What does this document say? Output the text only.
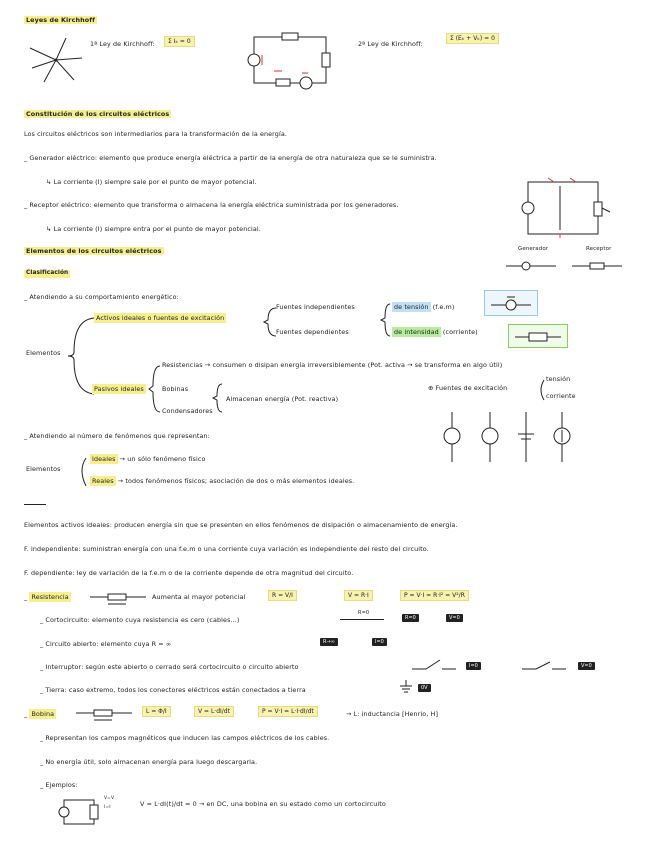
Leyes de Kirchhoff
1ª Ley de Kirchhoff:	Σ Iₖ = 0	2ª Ley de Kirchhoff:
Σ (Eₖ + Vₖ) = 0
Constitución de los circuitos eléctricos
Los circuitos eléctricos son intermediarios para la transformación de la energía.
_ Generador eléctrico: elemento que produce energía eléctrica a partir de la energía de otra naturaleza que se le suministra.
↳ La corriente (I) siempre sale por el punto de mayor potencial.
_ Receptor eléctrico: elemento que transforma o almacena la energía eléctrica suministrada por los generadores.
↳ La corriente (I) siempre entra por el punto de mayor potencial.
Generador	Receptor
Elementos de los circuitos eléctricos
Clasificación
_ Atendiendo a su comportamiento energético:
Elementos
Activos ideales o fuentes de excitación
Fuentes independientes
Fuentes dependientes
de tensión (f.e.m)
de intensidad (corriente)
Pasivos ideales
Resistencias → consumen o disipan energía irreversiblemente (Pot. activa → se transforma en algo útil)
Bobinas
Condensadores
Almacenan energía (Pot. reactiva)
⊕ Fuentes de excitación
tensión
corriente
_ Atendiendo al número de fenómenos que representan:
Elementos
Ideales → un sólo fenómeno físico
Reales → todos fenómenos físicos; asociación de dos o más elementos ideales.
Elementos activos ideales: producen energía sin que se presenten en ellos fenómenos de disipación o almacenamiento de energía.
F. independiente: suministran energía con una f.e.m o una corriente cuya variación es independiente del resto del circuito.
F. dependiente: ley de variación de la f.e.m o de la corriente depende de otra magnitud del circuito.
_ Resistencia	Aumenta al mayor potencial	R = V/I	V = R·I	P = V·I = R·I² = V²/R
_ Cortocircuito: elemento cuya resistencia es cero (cables...)
R=0
R=0	V=0
_ Circuito abierto: elemento cuya R = ∞	R→∞	I=0
_ Interruptor: según este abierto o cerrado será cortocircuito o circuito abierto	I=0	V=0
_ Tierra: caso extremo, todos los conectores eléctricos están conectados a tierra	0V
_ Bobina	L = Φ/I	V = L·dI/dt	P = V·I = L·I·dI/dt	→ L: inductancia [Henrio, H]
_ Representan los campos magnéticos que inducen las campos eléctricos de los cables.
_ No energía útil, solo almacenan energía para luego descargarla.
_ Ejemplos:
V=V
I=I	V = L·dI(t)/dt = 0 → en DC, una bobina en su estado como un cortocircuito
